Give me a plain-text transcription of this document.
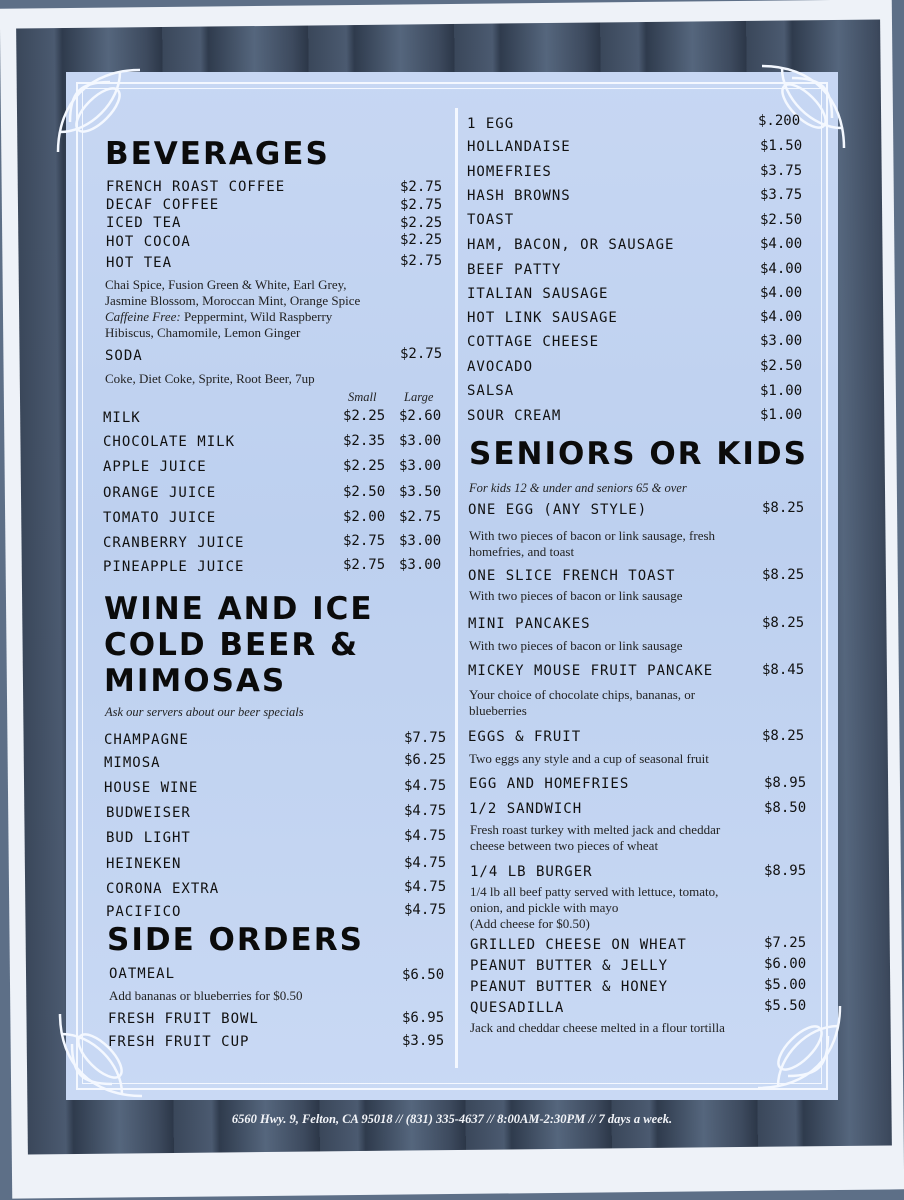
BEVERAGES
FRENCH ROAST COFFEE	$2.75
DECAF COFFEE	$2.75
ICED TEA	$2.25
HOT COCOA	$2.25
HOT TEA	$2.75
Chai Spice, Fusion Green & White, Earl Grey,
Jasmine Blossom, Moroccan Mint, Orange Spice
Caffeine Free: Peppermint, Wild Raspberry
Hibiscus, Chamomile, Lemon Ginger
SODA	$2.75
Coke, Diet Coke, Sprite, Root Beer, 7up
Small Large
MILK	$2.25 $2.60
CHOCOLATE MILK	$2.35 $3.00
APPLE JUICE	$2.25 $3.00
ORANGE JUICE	$2.50 $3.50
TOMATO JUICE	$2.00 $2.75
CRANBERRY JUICE	$2.75 $3.00
PINEAPPLE JUICE	$2.75 $3.00
WINE AND ICE
COLD BEER &
MIMOSAS
Ask our servers about our beer specials
CHAMPAGNE	$7.75
MIMOSA	$6.25
HOUSE WINE	$4.75
BUDWEISER	$4.75
BUD LIGHT	$4.75
HEINEKEN	$4.75
CORONA EXTRA	$4.75
PACIFICO	$4.75
SIDE ORDERS
OATMEAL	$6.50
Add bananas or blueberries for $0.50
FRESH FRUIT BOWL	$6.95
FRESH FRUIT CUP	$3.95
1 EGG	$.200
HOLLANDAISE	$1.50
HOMEFRIES	$3.75
HASH BROWNS	$3.75
TOAST	$2.50
HAM, BACON, OR SAUSAGE	$4.00
BEEF PATTY	$4.00
ITALIAN SAUSAGE	$4.00
HOT LINK SAUSAGE	$4.00
COTTAGE CHEESE	$3.00
AVOCADO	$2.50
SALSA	$1.00
SOUR CREAM	$1.00
SENIORS OR KIDS
For kids 12 & under and seniors 65 & over
ONE EGG (ANY STYLE)	$8.25
With two pieces of bacon or link sausage, fresh
homefries, and toast
ONE SLICE FRENCH TOAST	$8.25
With two pieces of bacon or link sausage
MINI PANCAKES	$8.25
With two pieces of bacon or link sausage
MICKEY MOUSE FRUIT PANCAKE	$8.45
Your choice of chocolate chips, bananas, or
blueberries
EGGS & FRUIT	$8.25
Two eggs any style and a cup of seasonal fruit
EGG AND HOMEFRIES	$8.95
1/2 SANDWICH	$8.50
Fresh roast turkey with melted jack and cheddar
cheese between two pieces of wheat
1/4 LB BURGER	$8.95
1/4 lb all beef patty served with lettuce, tomato,
onion, and pickle with mayo
(Add cheese for $0.50)
GRILLED CHEESE ON WHEAT	$7.25
PEANUT BUTTER & JELLY	$6.00
PEANUT BUTTER & HONEY	$5.00
QUESADILLA	$5.50
Jack and cheddar cheese melted in a flour tortilla
6560 Hwy. 9, Felton, CA 95018 // (831) 335-4637 // 8:00AM-2:30PM // 7 days a week.
